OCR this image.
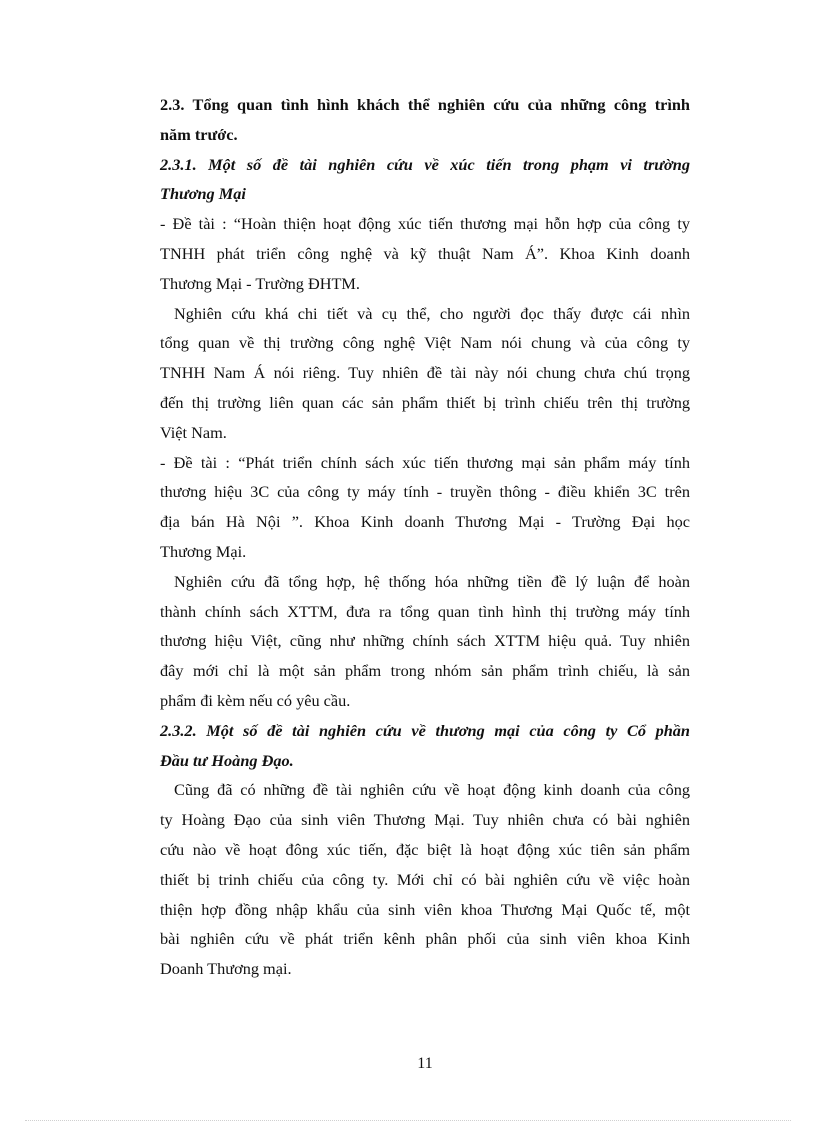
2.3. Tổng quan tình hình khách thể nghiên cứu của những công trình
năm trước.
2.3.1. Một số đề tài nghiên cứu về xúc tiến trong phạm vi trường
Thương Mại
- Đề tài : “Hoàn thiện hoạt động xúc tiến thương mại hỗn hợp của công ty
TNHH phát triển công nghệ và kỹ thuật Nam Á”. Khoa Kinh doanh
Thương Mại - Trường ĐHTM.
Nghiên cứu khá chi tiết và cụ thể, cho người đọc thấy được cái nhìn
tổng quan về thị trường công nghệ Việt Nam nói chung và của công ty
TNHH Nam Á nói riêng. Tuy nhiên đề tài này nói chung chưa chú trọng
đến thị trường liên quan các sản phẩm thiết bị trình chiếu trên thị trường
Việt Nam.
- Đề tài : “Phát triển chính sách xúc tiến thương mại sản phẩm máy tính
thương hiệu 3C của công ty máy tính - truyền thông - điều khiển 3C trên
địa bán Hà Nội ”. Khoa Kinh doanh Thương Mại - Trường Đại học
Thương Mại.
Nghiên cứu đã tổng hợp, hệ thống hóa những tiền đề lý luận để hoàn
thành chính sách XTTM, đưa ra tổng quan tình hình thị trường máy tính
thương hiệu Việt, cũng như những chính sách XTTM hiệu quả. Tuy nhiên
đây mới chỉ là một sản phẩm trong nhóm sản phẩm trình chiếu, là sản
phẩm đi kèm nếu có yêu cầu.
2.3.2. Một số đề tài nghiên cứu về thương mại của công ty Cổ phần
Đầu tư Hoàng Đạo.
Cũng đã có những đề tài nghiên cứu về hoạt động kinh doanh của công
ty Hoàng Đạo của sinh viên Thương Mại. Tuy nhiên chưa có bài nghiên
cứu nào về hoạt đông xúc tiến, đặc biệt là hoạt động xúc tiên sản phẩm
thiết bị trinh chiếu của công ty. Mới chỉ có bài nghiên cứu về việc hoàn
thiện hợp đồng nhập khẩu của sinh viên khoa Thương Mại Quốc tế, một
bài nghiên cứu về phát triển kênh phân phối của sinh viên khoa Kinh
Doanh Thương mại.
11
